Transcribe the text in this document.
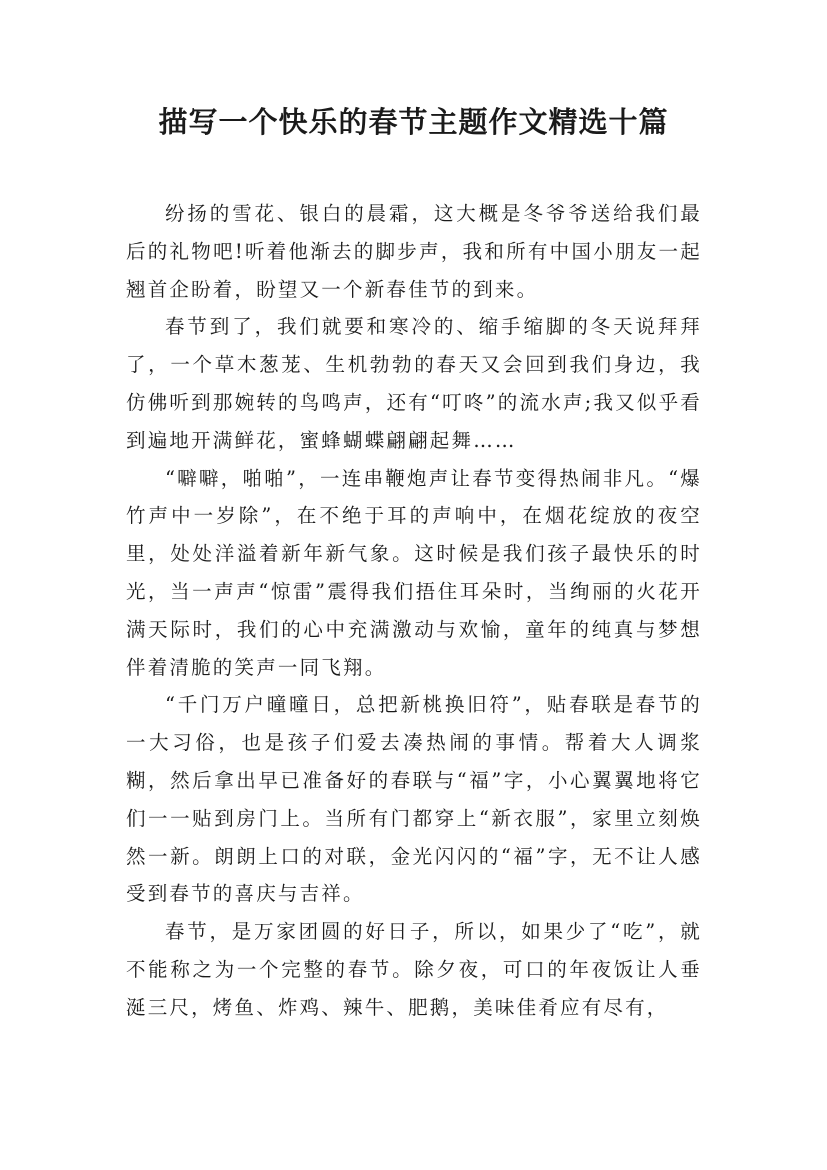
描写一个快乐的春节主题作文精选十篇

纷扬的雪花、银白的晨霜，这大概是冬爷爷送给我们最后的礼物吧!听着他渐去的脚步声，我和所有中国小朋友一起翘首企盼着，盼望又一个新春佳节的到来。

春节到了，我们就要和寒冷的、缩手缩脚的冬天说拜拜了，一个草木葱茏、生机勃勃的春天又会回到我们身边，我仿佛听到那婉转的鸟鸣声，还有“叮咚”的流水声;我又似乎看到遍地开满鲜花，蜜蜂蝴蝶翩翩起舞……

“噼噼，啪啪”，一连串鞭炮声让春节变得热闹非凡。“爆竹声中一岁除”，在不绝于耳的声响中，在烟花绽放的夜空里，处处洋溢着新年新气象。这时候是我们孩子最快乐的时光，当一声声“惊雷”震得我们捂住耳朵时，当绚丽的火花开满天际时，我们的心中充满激动与欢愉，童年的纯真与梦想伴着清脆的笑声一同飞翔。

“千门万户曈曈日，总把新桃换旧符”，贴春联是春节的一大习俗，也是孩子们爱去凑热闹的事情。帮着大人调浆糊，然后拿出早已准备好的春联与“福”字，小心翼翼地将它们一一贴到房门上。当所有门都穿上“新衣服”，家里立刻焕然一新。朗朗上口的对联，金光闪闪的“福”字，无不让人感受到春节的喜庆与吉祥。

春节，是万家团圆的好日子，所以，如果少了“吃”，就不能称之为一个完整的春节。除夕夜，可口的年夜饭让人垂涎三尺，烤鱼、炸鸡、辣牛、肥鹅，美味佳肴应有尽有，
